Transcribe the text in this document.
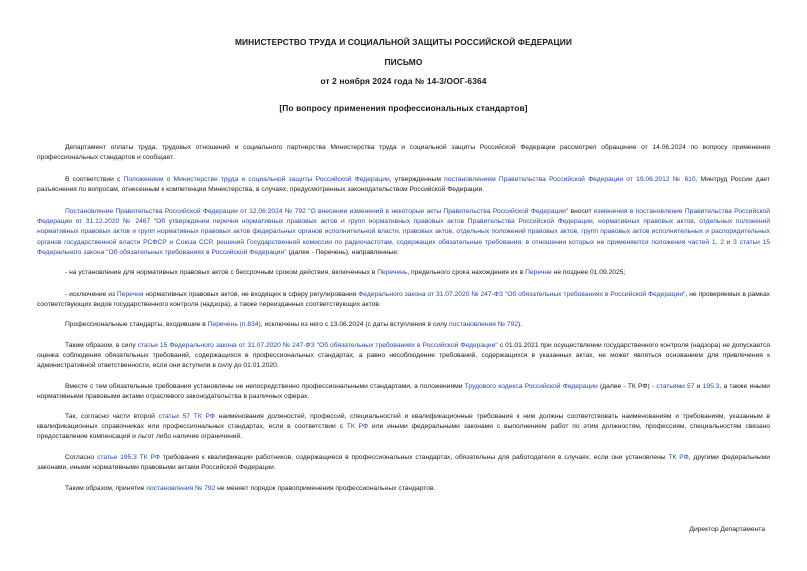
МИНИСТЕРСТВО ТРУДА И СОЦИАЛЬНОЙ ЗАЩИТЫ РОССИЙСКОЙ ФЕДЕРАЦИИ
ПИСЬМО
от 2 ноября 2024 года № 14-3/ООГ-6364
[По вопросу применения профессиональных стандартов]
Департамент оплаты труда, трудовых отношений и социального партнерства Министерства труда и социальной защиты Российской Федерации рассмотрел обращение от 14.06.2024 по вопросу применения профессиональных стандартов и сообщает.
В соответствии с Положением о Министерстве труда и социальной защиты Российской Федерации, утвержденным постановлением Правительства Российской Федерации от 19.06.2012 № 610, Минтруд России дает разъяснения по вопросам, отнесенным к компетенции Министерства, в случаях, предусмотренных законодательством Российской Федерации.
Постановление Правительства Российской Федерации от 12.06.2024 № 792 "О внесении изменений в некоторые акты Правительства Российской Федерации" вносит изменения в постановление Правительства Российской Федерации от 31.12.2020 № 2467 "Об утверждении перечня нормативных правовых актов и групп нормативных правовых актов Правительства Российской Федерации, нормативных правовых актов, отдельных положений нормативных правовых актов и групп нормативных правовых актов федеральных органов исполнительной власти, правовых актов, отдельных положений правовых актов, групп правовых актов исполнительных и распорядительных органов государственной власти РСФСР и Союза ССР, решений Государственной комиссии по радиочастотам, содержащих обязательные требования, в отношении которых не применяются положения частей 1, 2 и 3 статьи 15 Федерального закона "Об обязательных требованиях в Российской Федерации" (далее - Перечень), направленные:
- на установление для нормативных правовых актов с бессрочным сроком действия, включенных в Перечень, предельного срока нахождения их в Перечне не позднее 01.09.2025;
- исключение из Перечня нормативных правовых актов, не входящих в сферу регулирования Федерального закона от 31.07.2020 № 247-ФЗ "Об обязательных требованиях в Российской Федерации", не проверяемых в рамках соответствующих видов государственного контроля (надзора), а также переизданных соответствующих актов.
Профессиональные стандарты, входившие в Перечень (п.834), исключены из него с 13.06.2024 (с даты вступления в силу постановления № 792).
Таким образом, в силу статьи 15 Федерального закона от 31.07.2020 № 247-ФЗ "Об обязательных требованиях в Российской Федерации" с 01.01.2021 при осуществлении государственного контроля (надзора) не допускается оценка соблюдения обязательных требований, содержащихся в профессиональных стандартах, а равно несоблюдение требований, содержащихся в указанных актах, не может являться основанием для привлечения к административной ответственности, если они вступили в силу до 01.01.2020.
Вместе с тем обязательные требования установлены не непосредственно профессиональными стандартами, а положениями Трудового кодекса Российской Федерации (далее - ТК РФ) - статьями 57 и 195.3, а также иными нормативными правовыми актами отраслевого законодательства в различных сферах.
Так, согласно части второй статьи 57 ТК РФ наименования должностей, профессий, специальностей и квалификационные требования к ним должны соответствовать наименованиям и требованиям, указанным в квалификационных справочниках или профессиональных стандартах, если в соответствии с ТК РФ или иными федеральными законами с выполнением работ по этим должностям, профессиям, специальностям связано предоставление компенсаций и льгот либо наличие ограничений.
Согласно статье 195.3 ТК РФ требования к квалификации работников, содержащиеся в профессиональных стандартах, обязательны для работодателя в случаях, если они установлены ТК РФ, другими федеральными законами, иными нормативными правовыми актами Российской Федерации.
Таким образом, принятие постановления № 792 не меняет порядок правоприменения профессиональных стандартов.
Директор Департамента
